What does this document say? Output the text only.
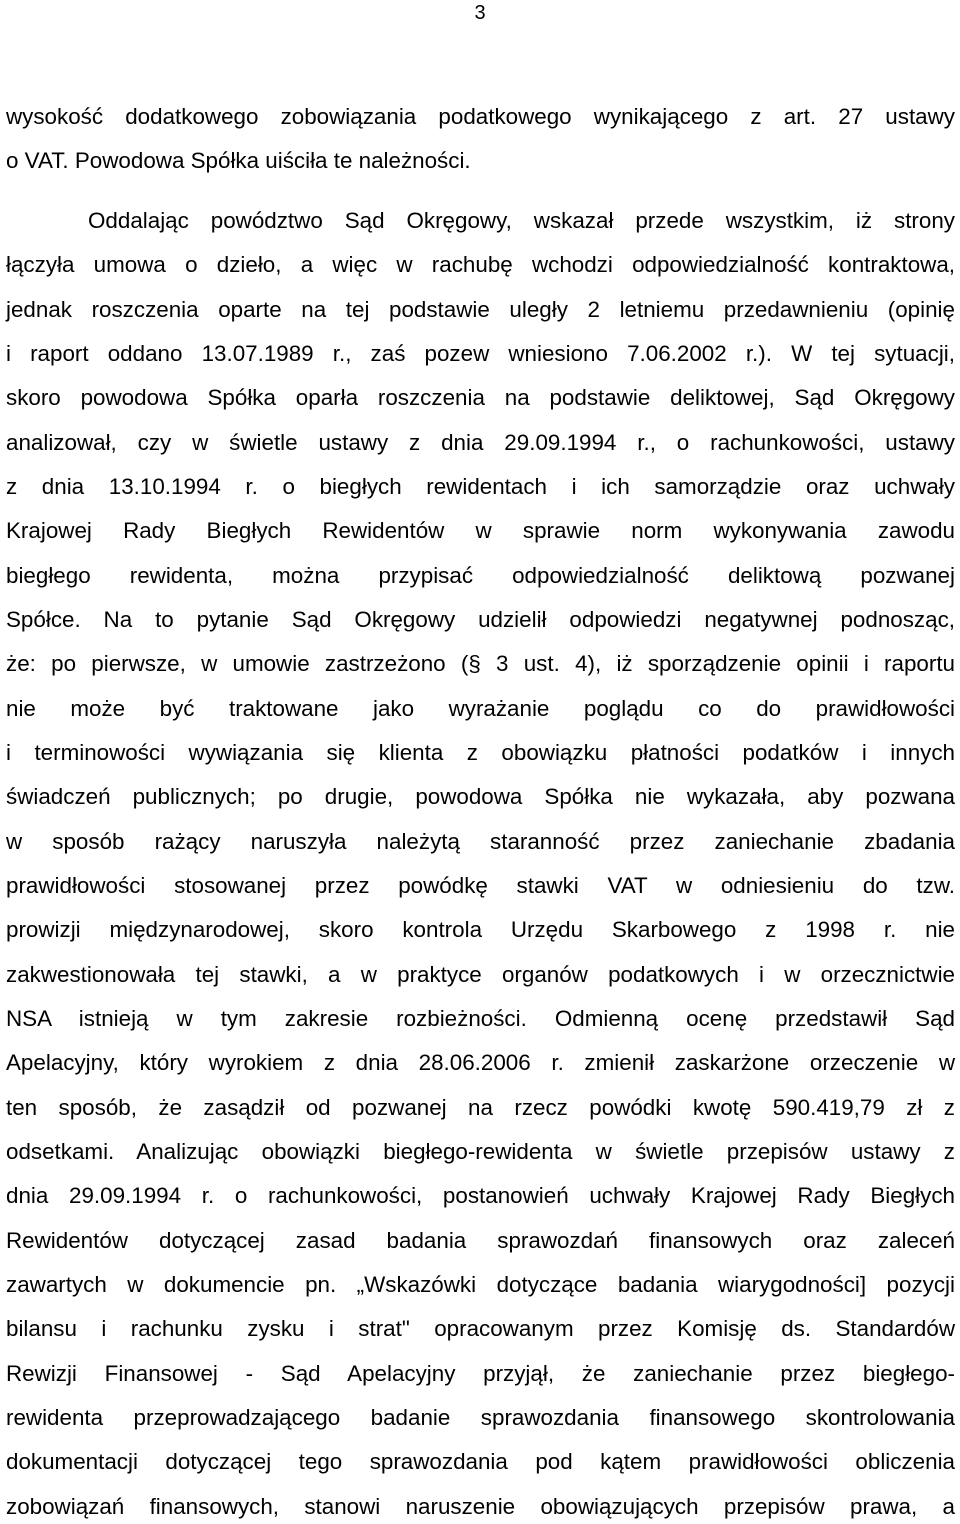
3
wysokość dodatkowego zobowiązania podatkowego wynikającego z art. 27 ustawy
o VAT. Powodowa Spółka uiściła te należności.
Oddalając powództwo Sąd Okręgowy, wskazał przede wszystkim, iż strony
łączyła umowa o dzieło, a więc w rachubę wchodzi odpowiedzialność kontraktowa,
jednak roszczenia oparte na tej podstawie uległy 2 letniemu przedawnieniu (opinię
i raport oddano 13.07.1989 r., zaś pozew wniesiono 7.06.2002 r.). W tej sytuacji,
skoro powodowa Spółka oparła roszczenia na podstawie deliktowej, Sąd Okręgowy
analizował, czy w świetle ustawy z dnia 29.09.1994 r., o rachunkowości, ustawy
z dnia 13.10.1994 r. o biegłych rewidentach i ich samorządzie oraz uchwały
Krajowej Rady Biegłych Rewidentów w sprawie norm wykonywania zawodu
biegłego rewidenta, można przypisać odpowiedzialność deliktową pozwanej
Spółce. Na to pytanie Sąd Okręgowy udzielił odpowiedzi negatywnej podnosząc,
że: po pierwsze, w umowie zastrzeżono (§ 3 ust. 4), iż sporządzenie opinii i raportu
nie może być traktowane jako wyrażanie poglądu co do prawidłowości
i terminowości wywiązania się klienta z obowiązku płatności podatków i innych
świadczeń publicznych; po drugie, powodowa Spółka nie wykazała, aby pozwana
w sposób rażący naruszyła należytą staranność przez zaniechanie zbadania
prawidłowości stosowanej przez powódkę stawki VAT w odniesieniu do tzw.
prowizji międzynarodowej, skoro kontrola Urzędu Skarbowego z 1998 r. nie
zakwestionowała tej stawki, a w praktyce organów podatkowych i w orzecznictwie
NSA istnieją w tym zakresie rozbieżności. Odmienną ocenę przedstawił Sąd
Apelacyjny, który wyrokiem z dnia 28.06.2006 r. zmienił zaskarżone orzeczenie w
ten sposób, że zasądził od pozwanej na rzecz powódki kwotę 590.419,79 zł z
odsetkami. Analizując obowiązki biegłego-rewidenta w świetle przepisów ustawy z
dnia 29.09.1994 r. o rachunkowości, postanowień uchwały Krajowej Rady Biegłych
Rewidentów dotyczącej zasad badania sprawozdań finansowych oraz zaleceń
zawartych w dokumencie pn. „Wskazówki dotyczące badania wiarygodności] pozycji
bilansu i rachunku zysku i strat" opracowanym przez Komisję ds. Standardów
Rewizji Finansowej - Sąd Apelacyjny przyjął, że zaniechanie przez biegłego-
rewidenta przeprowadzającego badanie sprawozdania finansowego skontrolowania
dokumentacji dotyczącej tego sprawozdania pod kątem prawidłowości obliczenia
zobowiązań finansowych, stanowi naruszenie obowiązujących przepisów prawa, a
